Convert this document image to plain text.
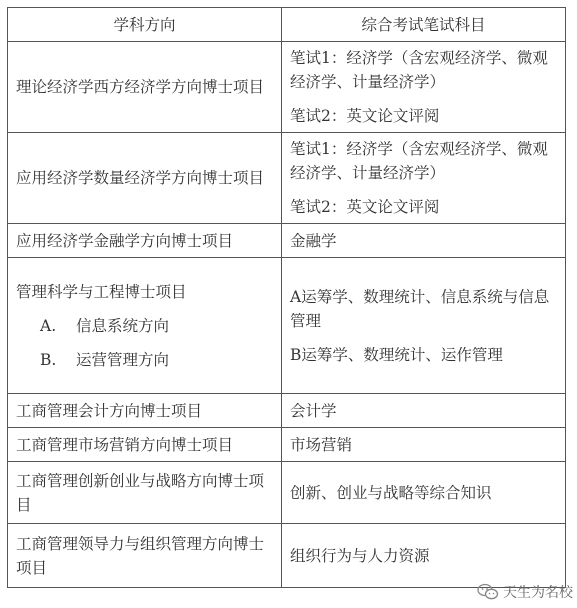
学科方向	综合考试笔试科目

理论经济学西方经济学方向博士项目	笔试1：经济学（含宏观经济学、微观经济学、计量经济学）
笔试2：英文论文评阅

应用经济学数量经济学方向博士项目	笔试1：经济学（含宏观经济学、微观经济学、计量经济学）
笔试2：英文论文评阅

应用经济学金融学方向博士项目	金融学

管理科学与工程博士项目
A. 信息系统方向
B. 运营管理方向	A运筹学、数理统计、信息系统与信息管理
B运筹学、数理统计、运作管理

工商管理会计方向博士项目	会计学

工商管理市场营销方向博士项目	市场营销

工商管理创新创业与战略方向博士项目	创新、创业与战略等综合知识

工商管理领导力与组织管理方向博士项目	组织行为与人力资源
天生为名校
